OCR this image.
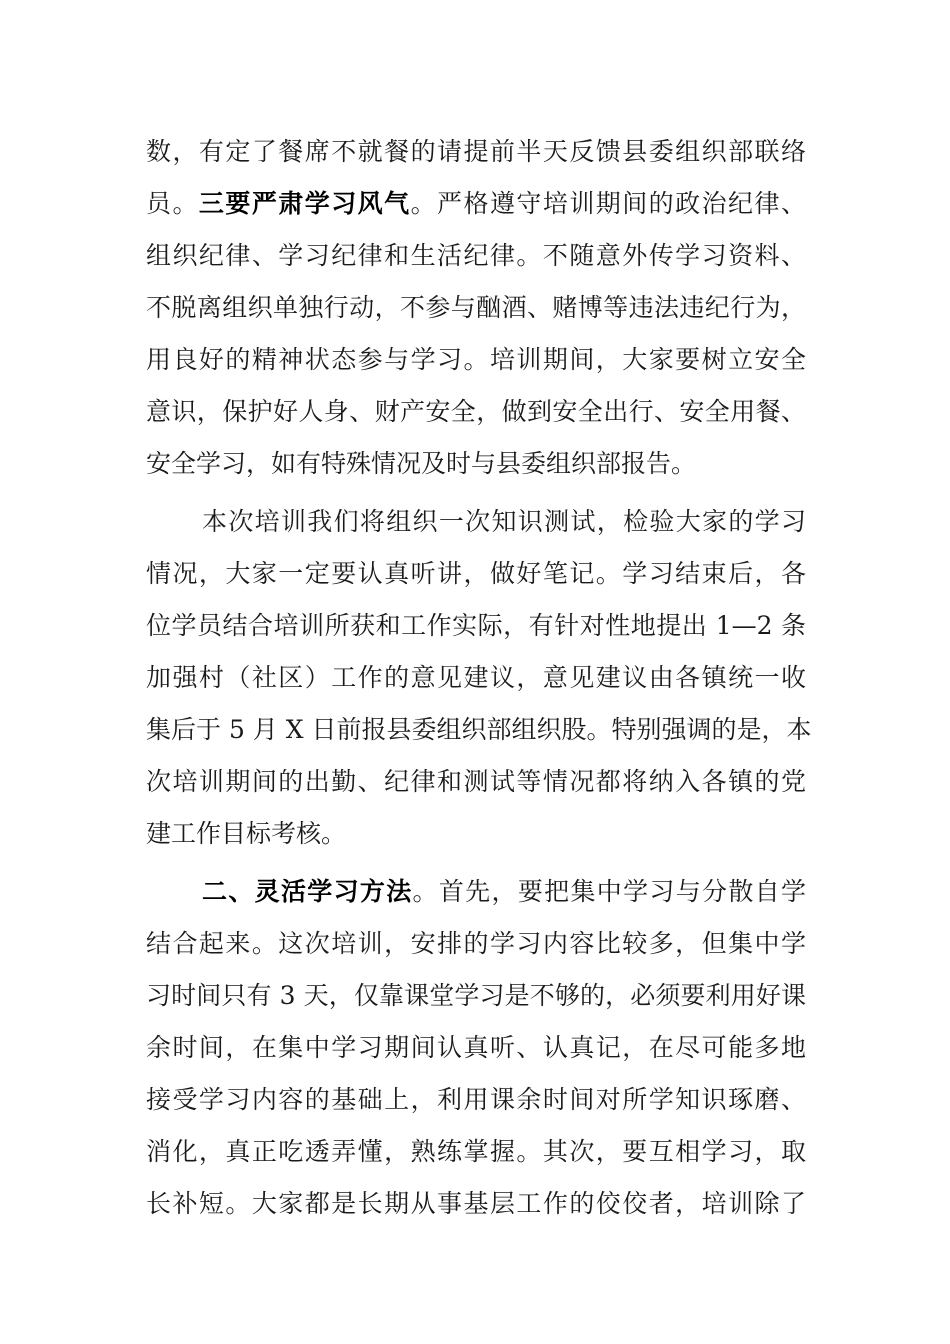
数，有定了餐席不就餐的请提前半天反馈县委组织部联络
员。三要严肃学习风气。严格遵守培训期间的政治纪律、
组织纪律、学习纪律和生活纪律。不随意外传学习资料、
不脱离组织单独行动，不参与酗酒、赌博等违法违纪行为，
用良好的精神状态参与学习。培训期间，大家要树立安全
意识，保护好人身、财产安全，做到安全出行、安全用餐、
安全学习，如有特殊情况及时与县委组织部报告。
本次培训我们将组织一次知识测试，检验大家的学习
情况，大家一定要认真听讲，做好笔记。学习结束后，各
位学员结合培训所获和工作实际，有针对性地提出 1—2 条
加强村（社区）工作的意见建议，意见建议由各镇统一收
集后于 5 月 X 日前报县委组织部组织股。特别强调的是，本
次培训期间的出勤、纪律和测试等情况都将纳入各镇的党
建工作目标考核。
二、灵活学习方法。首先，要把集中学习与分散自学
结合起来。这次培训，安排的学习内容比较多，但集中学
习时间只有 3 天，仅靠课堂学习是不够的，必须要利用好课
余时间，在集中学习期间认真听、认真记，在尽可能多地
接受学习内容的基础上，利用课余时间对所学知识琢磨、
消化，真正吃透弄懂，熟练掌握。其次，要互相学习，取
长补短。大家都是长期从事基层工作的佼佼者，培训除了
